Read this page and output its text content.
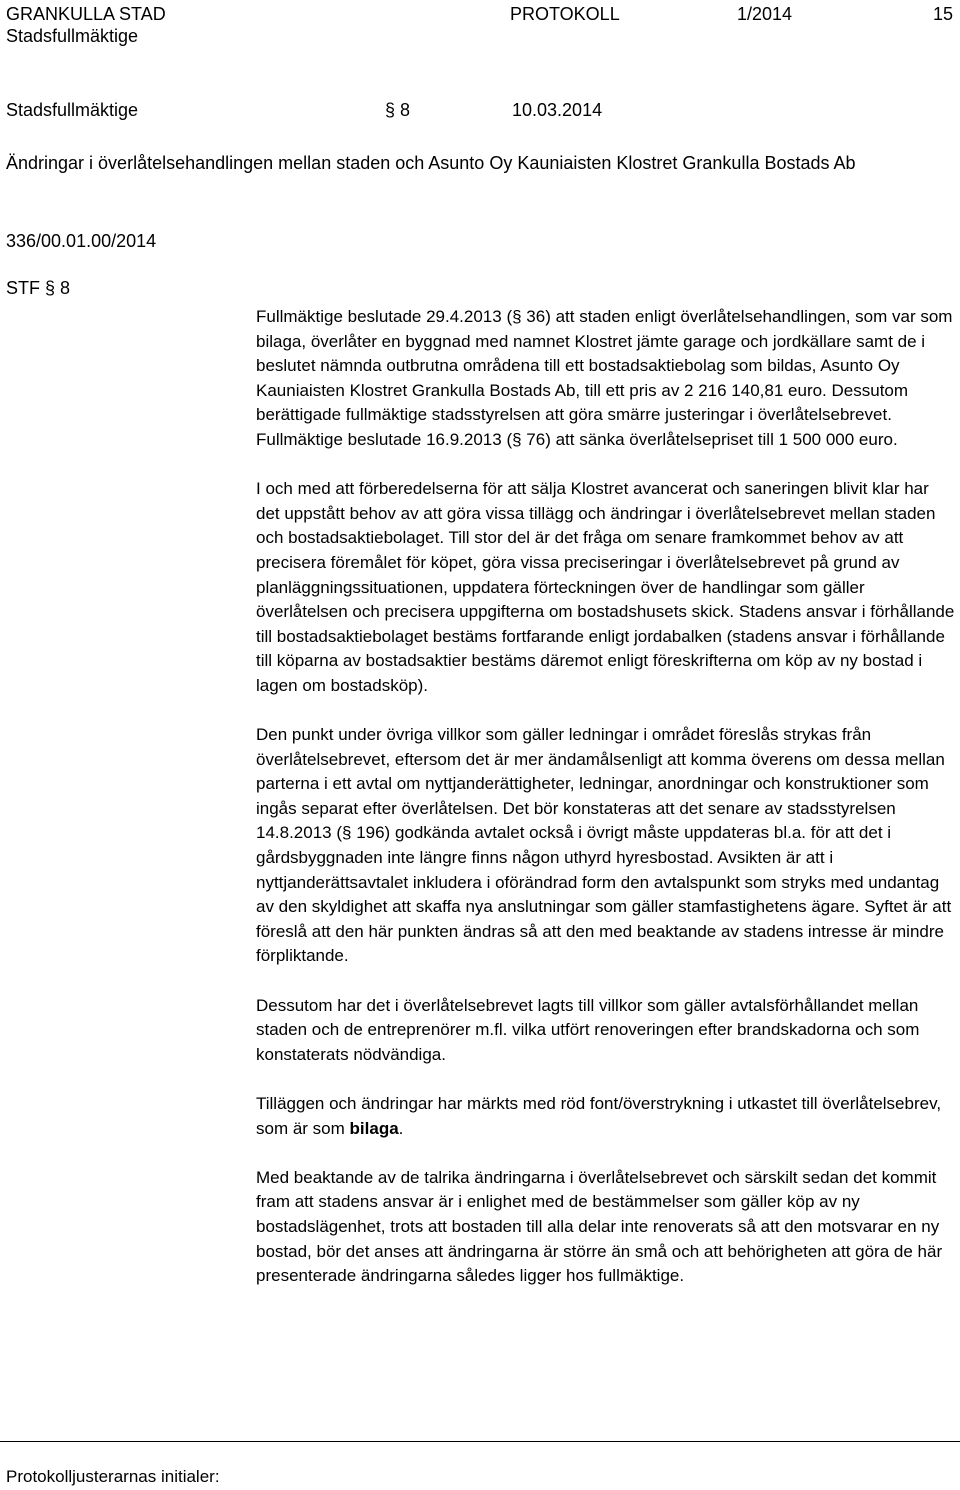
GRANKULLA STAD
Stadsfullmäktige
PROTOKOLL	1/2014	15
Stadsfullmäktige	§ 8	10.03.2014
Ändringar i överlåtelsehandlingen mellan staden och Asunto Oy Kauniaisten Klostret Grankulla Bostads Ab
336/00.01.00/2014
STF § 8

Fullmäktige beslutade 29.4.2013 (§ 36) att staden enligt överlåtelsehandlingen, som var som bilaga, överlåter en byggnad med namnet Klostret jämte garage och jordkällare samt de i beslutet nämnda outbrutna områdena till ett bostadsaktiebolag som bildas, Asunto Oy Kauniaisten Klostret Grankulla Bostads Ab, till ett pris av 2 216 140,81 euro. Dessutom berättigade fullmäktige stadsstyrelsen att göra smärre justeringar i överlåtelsebrevet. Fullmäktige beslutade 16.9.2013 (§ 76) att sänka överlåtelsepriset till 1 500 000 euro.

I och med att förberedelserna för att sälja Klostret avancerat och saneringen blivit klar har det uppstått behov av att göra vissa tillägg och ändringar i överlåtelsebrevet mellan staden och bostadsaktiebolaget. Till stor del är det fråga om senare framkommet behov av att precisera föremålet för köpet, göra vissa preciseringar i överlåtelsebrevet på grund av planläggningssituationen, uppdatera förteckningen över de handlingar som gäller överlåtelsen och precisera uppgifterna om bostadshusets skick. Stadens ansvar i förhållande till bostadsaktiebolaget bestäms fortfarande enligt jordabalken (stadens ansvar i förhållande till köparna av bostadsaktier bestäms däremot enligt föreskrifterna om köp av ny bostad i lagen om bostadsköp).

Den punkt under övriga villkor som gäller ledningar i området föreslås strykas från överlåtelsebrevet, eftersom det är mer ändamålsenligt att komma överens om dessa mellan parterna i ett avtal om nyttjanderättigheter, ledningar, anordningar och konstruktioner som ingås separat efter överlåtelsen. Det bör konstateras att det senare av stadsstyrelsen 14.8.2013 (§ 196) godkända avtalet också i övrigt måste uppdateras bl.a. för att det i gårdsbyggnaden inte längre finns någon uthyrd hyresbostad. Avsikten är att i nyttjanderättsavtalet inkludera i oförändrad form den avtalspunkt som stryks med undantag av den skyldighet att skaffa nya anslutningar som gäller stamfastighetens ägare. Syftet är att föreslå att den här punkten ändras så att den med beaktande av stadens intresse är mindre förpliktande.

Dessutom har det i överlåtelsebrevet lagts till villkor som gäller avtalsförhållandet mellan staden och de entreprenörer m.fl. vilka utfört renoveringen efter brandskadorna och som konstaterats nödvändiga.

Tilläggen och ändringar har märkts med röd font/överstrykning i utkastet till överlåtelsebrev, som är som bilaga.

Med beaktande av de talrika ändringarna i överlåtelsebrevet och särskilt sedan det kommit fram att stadens ansvar är i enlighet med de bestämmelser som gäller köp av ny bostadslägenhet, trots att bostaden till alla delar inte renoverats så att den motsvarar en ny bostad, bör det anses att ändringarna är större än små och att behörigheten att göra de här presenterade ändringarna således ligger hos fullmäktige.

Protokolljusterarnas initialer:
